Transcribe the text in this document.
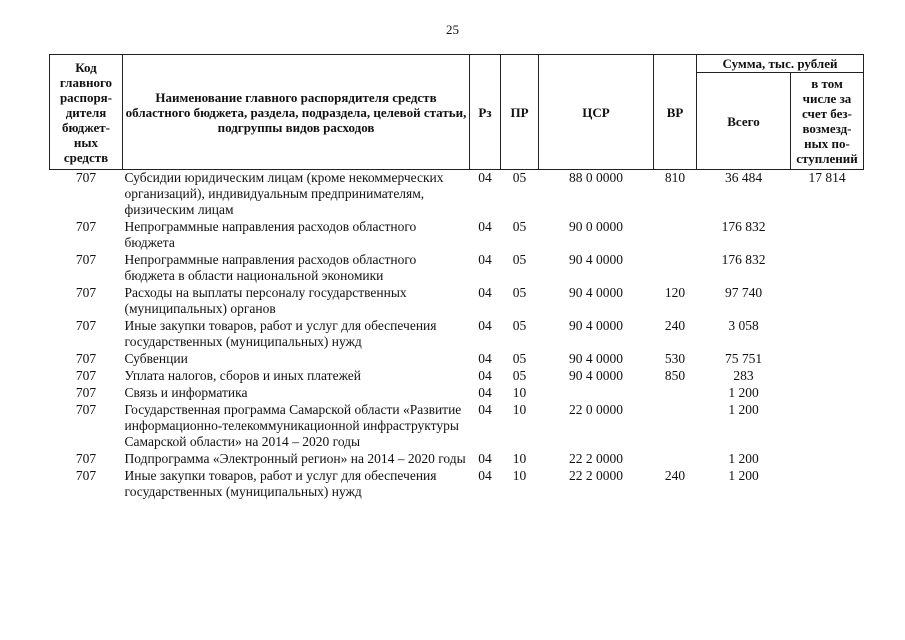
25
Код главного распоря-дителя бюджет-ных средств	Наименование главного распорядителя средств областного бюджета, раздела, подраздела, целевой статьи, подгруппы видов расходов	Рз	ПР	ЦСР	ВР	Сумма, тыс. рублей	
						Всего	в том числе за счет без-возмезд-ных по-ступлений
707	Субсидии юридическим лицам (кроме некоммерческих организаций), индивидуальным предпринимателям, физическим лицам	04	05	88 0 0000	810	36 484	17 814
707	Непрограммные направления расходов областного бюджета	04	05	90 0 0000		176 832	
707	Непрограммные направления расходов областного бюджета в области национальной экономики	04	05	90 4 0000		176 832	
707	Расходы на выплаты персоналу государственных (муниципальных) органов	04	05	90 4 0000	120	97 740	
707	Иные закупки товаров, работ и услуг для обеспечения государственных (муниципальных) нужд	04	05	90 4 0000	240	3 058	
707	Субвенции	04	05	90 4 0000	530	75 751	
707	Уплата налогов, сборов и иных платежей	04	05	90 4 0000	850	283	
707	Связь и информатика	04	10			1 200	
707	Государственная программа Самарской области «Развитие информационно-телекоммуникационной инфраструктуры Самарской области» на 2014 – 2020 годы	04	10	22 0 0000		1 200	
707	Подпрограмма «Электронный регион» на 2014 – 2020 годы	04	10	22 2 0000		1 200	
707	Иные закупки товаров, работ и услуг для обеспечения государственных (муниципальных) нужд	04	10	22 2 0000	240	1 200	
